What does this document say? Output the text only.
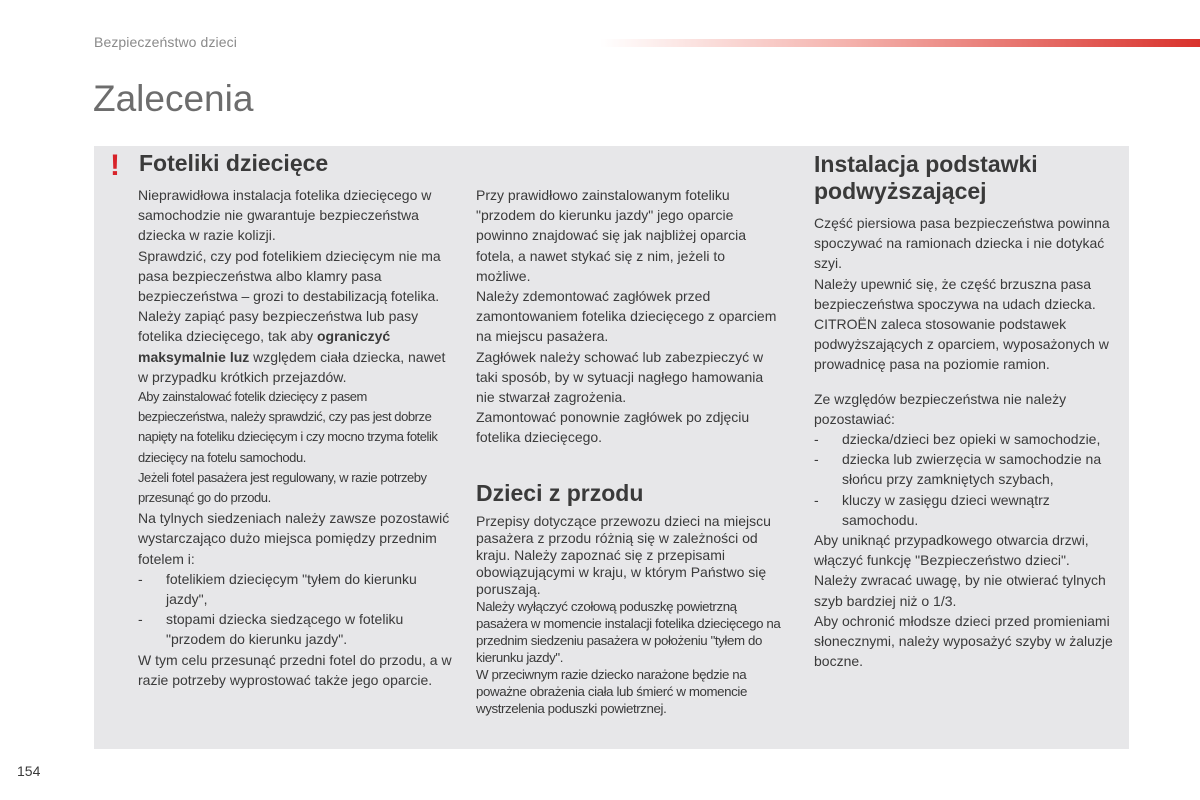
Bezpieczeństwo dzieci
Zalecenia
! Foteliki dziecięce

Nieprawidłowa instalacja fotelika dziecięcego w samochodzie nie gwarantuje bezpieczeństwa dziecka w razie kolizji.

Sprawdzić, czy pod fotelikiem dziecięcym nie ma pasa bezpieczeństwa albo klamry pasa bezpieczeństwa – grozi to destabilizacją fotelika.

Należy zapiąć pasy bezpieczeństwa lub pasy fotelika dziecięcego, tak aby ograniczyć maksymalnie luz względem ciała dziecka, nawet w przypadku krótkich przejazdów.

Aby zainstalować fotelik dziecięcy z pasem bezpieczeństwa, należy sprawdzić, czy pas jest dobrze napięty na foteliku dziecięcym i czy mocno trzyma fotelik dziecięcy na fotelu samochodu.

Jeżeli fotel pasażera jest regulowany, w razie potrzeby przesunąć go do przodu.

Na tylnych siedzeniach należy zawsze pozostawić wystarczająco dużo miejsca pomiędzy przednim fotelem i:

-	fotelikiem dziecięcym "tyłem do kierunku jazdy",
-	stopami dziecka siedzącego w foteliku "przodem do kierunku jazdy".

W tym celu przesunąć przedni fotel do przodu, a w razie potrzeby wyprostować także jego oparcie.

Przy prawidłowo zainstalowanym foteliku "przodem do kierunku jazdy" jego oparcie powinno znajdować się jak najbliżej oparcia fotela, a nawet stykać się z nim, jeżeli to możliwe.

Należy zdemontować zagłówek przed zamontowaniem fotelika dziecięcego z oparciem na miejscu pasażera.

Zagłówek należy schować lub zabezpieczyć w taki sposób, by w sytuacji nagłego hamowania nie stwarzał zagrożenia.

Zamontować ponownie zagłówek po zdjęciu fotelika dziecięcego.

Dzieci z przodu

Przepisy dotyczące przewozu dzieci na miejscu pasażera z przodu różnią się w zależności od kraju. Należy zapoznać się z przepisami obowiązującymi w kraju, w którym Państwo się poruszają.

Należy wyłączyć czołową poduszkę powietrzną pasażera w momencie instalacji fotelika dziecięcego na przednim siedzeniu pasażera w położeniu "tyłem do kierunku jazdy".

W przeciwnym razie dziecko narażone będzie na poważne obrażenia ciała lub śmierć w momencie wystrzelenia poduszki powietrznej.

Instalacja podstawki podwyższającej

Część piersiowa pasa bezpieczeństwa powinna spoczywać na ramionach dziecka i nie dotykać szyi.

Należy upewnić się, że część brzuszna pasa bezpieczeństwa spoczywa na udach dziecka.

CITROËN zaleca stosowanie podstawek podwyższających z oparciem, wyposażonych w prowadnicę pasa na poziomie ramion.

Ze względów bezpieczeństwa nie należy pozostawiać:

-	dziecka/dzieci bez opieki w samochodzie,
-	dziecka lub zwierzęcia w samochodzie na słońcu przy zamkniętych szybach,
-	kluczy w zasięgu dzieci wewnątrz samochodu.

Aby uniknąć przypadkowego otwarcia drzwi, włączyć funkcję "Bezpieczeństwo dzieci".

Należy zwracać uwagę, by nie otwierać tylnych szyb bardziej niż o 1/3.

Aby ochronić młodsze dzieci przed promieniami słonecznymi, należy wyposażyć szyby w żaluzje boczne.

154
